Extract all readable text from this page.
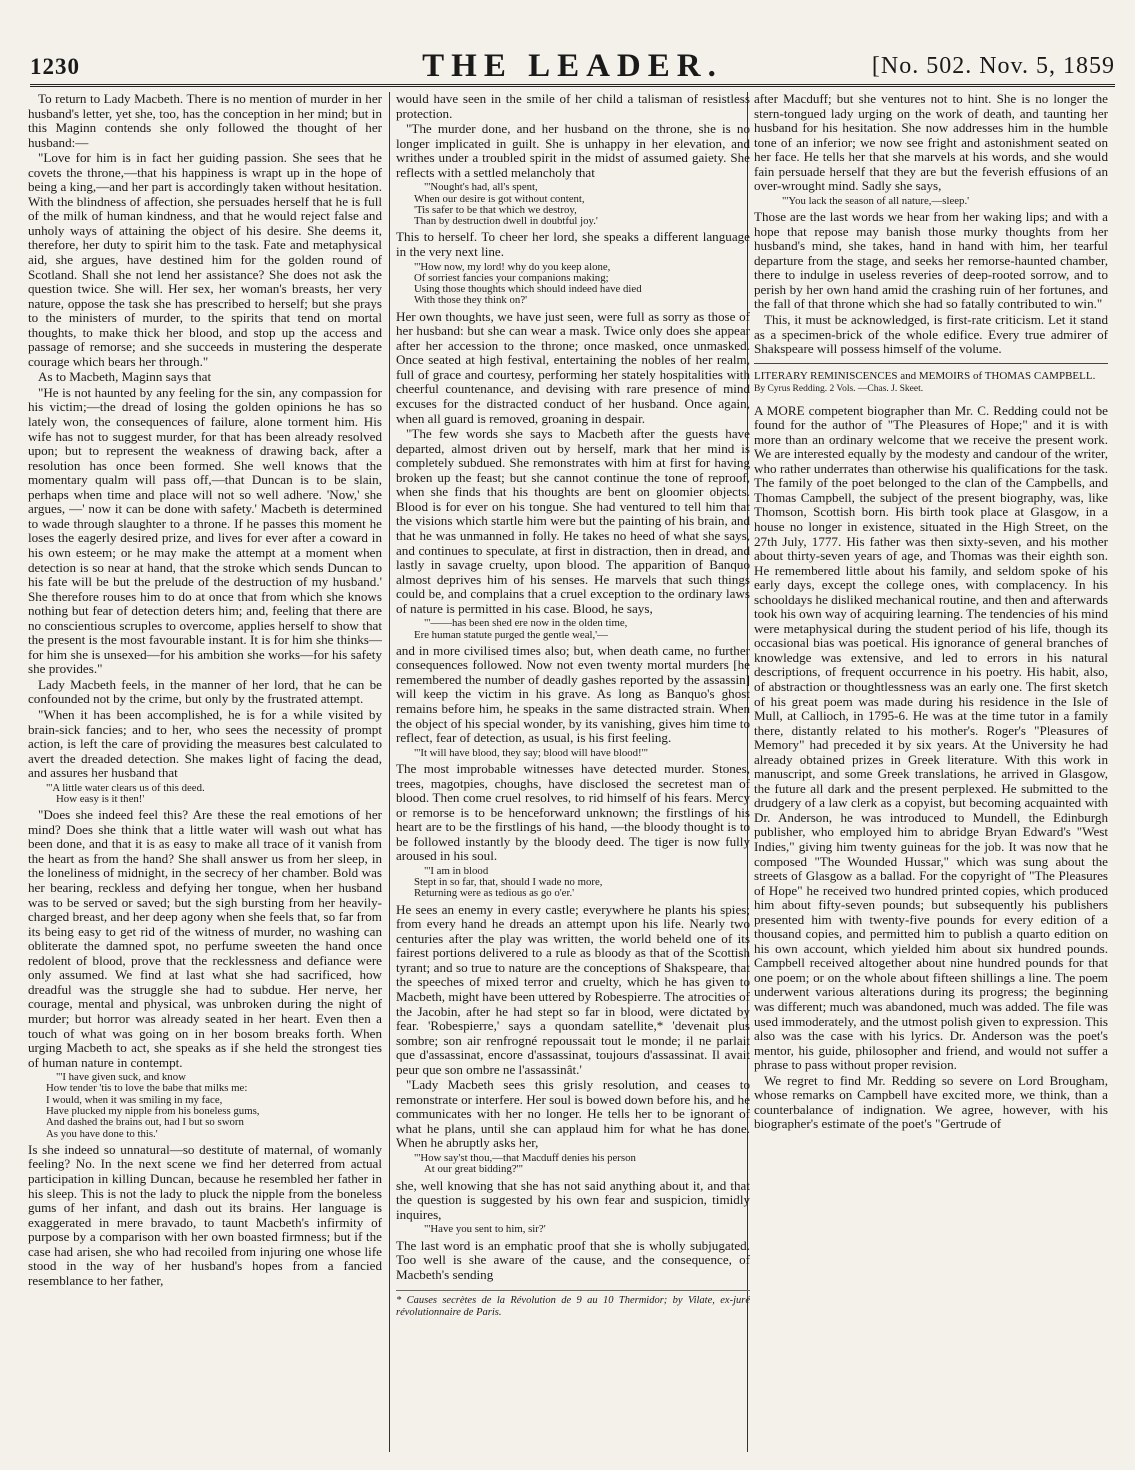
1230	THE LEADER.	[No. 502. Nov. 5, 1859

To return to Lady Macbeth. There is no mention of murder in her husband's letter, yet she, too, has the conception in her mind; but in this Maginn contends she only followed the thought of her husband:—

"Love for him is in fact her guiding passion. She sees that he covets the throne,—that his happiness is wrapt up in the hope of being a king,—and her part is accordingly taken without hesitation. With the blindness of affection, she persuades herself that he is full of the milk of human kindness, and that he would reject false and unholy ways of attaining the object of his desire. She deems it, therefore, her duty to spirit him to the task. Fate and metaphysical aid, she argues, have destined him for the golden round of Scotland. Shall she not lend her assistance? She does not ask the question twice. She will. Her sex, her woman's breasts, her very nature, oppose the task she has prescribed to herself; but she prays to the ministers of murder, to the spirits that tend on mortal thoughts, to make thick her blood, and stop up the access and passage of remorse; and she succeeds in mustering the desperate courage which bears her through."

As to Macbeth, Maginn says that

"He is not haunted by any feeling for the sin, any compassion for his victim;—the dread of losing the golden opinions he has so lately won, the consequences of failure, alone torment him. His wife has not to suggest murder, for that has been already resolved upon; but to represent the weakness of drawing back, after a resolution has once been formed. She well knows that the momentary qualm will pass off,—that Duncan is to be slain, perhaps when time and place will not so well adhere. 'Now,' she argues, —' now it can be done with safety.' Macbeth is determined to wade through slaughter to a throne. If he passes this moment he loses the eagerly desired prize, and lives for ever after a coward in his own esteem; or he may make the attempt at a moment when detection is so near at hand, that the stroke which sends Duncan to his fate will be but the prelude of the destruction of my husband.' She therefore rouses him to do at once that from which she knows nothing but fear of detection deters him; and, feeling that there are no conscientious scruples to overcome, applies herself to show that the present is the most favourable instant. It is for him she thinks—for him she is unsexed—for his ambition she works—for his safety she provides."

Lady Macbeth feels, in the manner of her lord, that he can be confounded not by the crime, but only by the frustrated attempt.

"When it has been accomplished, he is for a while visited by brain-sick fancies; and to her, who sees the necessity of prompt action, is left the care of providing the measures best calculated to avert the dreaded detection. She makes light of facing the dead, and assures her husband that

"'A little water clears us of this deed.
How easy is it then!'

"Does she indeed feel this? Are these the real emotions of her mind? Does she think that a little water will wash out what has been done, and that it is as easy to make all trace of it vanish from the heart as from the hand? She shall answer us from her sleep, in the loneliness of midnight, in the secrecy of her chamber. Bold was her bearing, reckless and defying her tongue, when her husband was to be served or saved; but the sigh bursting from her heavily-charged breast, and her deep agony when she feels that, so far from its being easy to get rid of the witness of murder, no washing can obliterate the damned spot, no perfume sweeten the hand once redolent of blood, prove that the recklessness and defiance were only assumed. We find at last what she had sacrificed, how dreadful was the struggle she had to subdue. Her nerve, her courage, mental and physical, was unbroken during the night of murder; but horror was already seated in her heart. Even then a touch of what was going on in her bosom breaks forth. When urging Macbeth to act, she speaks as if she held the strongest ties of human nature in contempt.

"'I have given suck, and know
How tender 'tis to love the babe that milks me:
I would, when it was smiling in my face,
Have plucked my nipple from his boneless gums,
And dashed the brains out, had I but so sworn
As you have done to this.'

Is she indeed so unnatural—so destitute of maternal, of womanly feeling? No. In the next scene we find her deterred from actual participation in killing Duncan, because he resembled her father in his sleep. This is not the lady to pluck the nipple from the boneless gums of her infant, and dash out its brains. Her language is exaggerated in mere bravado, to taunt Macbeth's infirmity of purpose by a comparison with her own boasted firmness; but if the case had arisen, she who had recoiled from injuring one whose life stood in the way of her husband's hopes from a fancied resemblance to her father,

would have seen in the smile of her child a talisman of resistless protection.

"The murder done, and her husband on the throne, she is no longer implicated in guilt. She is unhappy in her elevation, and writhes under a troubled spirit in the midst of assumed gaiety. She reflects with a settled melancholy that

"'Nought's had, all's spent,
When our desire is got without content,
'Tis safer to be that which we destroy,
Than by destruction dwell in doubtful joy.'

This to herself. To cheer her lord, she speaks a different language in the very next line.

"'How now, my lord! why do you keep alone,
Of sorriest fancies your companions making;
Using those thoughts which should indeed have died
With those they think on?'

Her own thoughts, we have just seen, were full as sorry as those of her husband: but she can wear a mask. Twice only does she appear after her accession to the throne; once masked, once unmasked. Once seated at high festival, entertaining the nobles of her realm, full of grace and courtesy, performing her stately hospitalities with cheerful countenance, and devising with rare presence of mind excuses for the distracted conduct of her husband. Once again, when all guard is removed, groaning in despair.

"The few words she says to Macbeth after the guests have departed, almost driven out by herself, mark that her mind is completely subdued. She remonstrates with him at first for having broken up the feast; but she cannot continue the tone of reproof, when she finds that his thoughts are bent on gloomier objects. Blood is for ever on his tongue. She had ventured to tell him that the visions which startle him were but the painting of his brain, and that he was unmanned in folly. He takes no heed of what she says, and continues to speculate, at first in distraction, then in dread, and lastly in savage cruelty, upon blood. The apparition of Banquo almost deprives him of his senses. He marvels that such things could be, and complains that a cruel exception to the ordinary laws of nature is permitted in his case. Blood, he says,

"'——has been shed ere now in the olden time,
Ere human statute purged the gentle weal,'—

and in more civilised times also; but, when death came, no further consequences followed. Now not even twenty mortal murders [he remembered the number of deadly gashes reported by the assassin] will keep the victim in his grave. As long as Banquo's ghost remains before him, he speaks in the same distracted strain. When the object of his special wonder, by its vanishing, gives him time to reflect, fear of detection, as usual, is his first feeling.

"'It will have blood, they say; blood will have blood!'"

The most improbable witnesses have detected murder. Stones, trees, magotpies, choughs, have disclosed the secretest man of blood. Then come cruel resolves, to rid himself of his fears. Mercy or remorse is to be henceforward unknown; the firstlings of his heart are to be the firstlings of his hand, —the bloody thought is to be followed instantly by the bloody deed. The tiger is now fully aroused in his soul.

"'I am in blood
Stept in so far, that, should I wade no more,
Returning were as tedious as go o'er.'

He sees an enemy in every castle; everywhere he plants his spies; from every hand he dreads an attempt upon his life. Nearly two centuries after the play was written, the world beheld one of its fairest portions delivered to a rule as bloody as that of the Scottish tyrant; and so true to nature are the conceptions of Shakspeare, that the speeches of mixed terror and cruelty, which he has given to Macbeth, might have been uttered by Robespierre. The atrocities of the Jacobin, after he had stept so far in blood, were dictated by fear. 'Robespierre,' says a quondam satellite,* 'devenait plus sombre; son air renfrogné repoussait tout le monde; il ne parlait que d'assassinat, encore d'assassinat, toujours d'assassinat. Il avait peur que son ombre ne l'assassinât.'

"Lady Macbeth sees this grisly resolution, and ceases to remonstrate or interfere. Her soul is bowed down before his, and he communicates with her no longer. He tells her to be ignorant of what he plans, until she can applaud him for what he has done. When he abruptly asks her,

"'How say'st thou,—that Macduff denies his person
At our great bidding?'"

she, well knowing that she has not said anything about it, and that the question is suggested by his own fear and suspicion, timidly inquires,

"'Have you sent to him, sir?'

The last word is an emphatic proof that she is wholly subjugated. Too well is she aware of the cause, and the consequence, of Macbeth's sending

* Causes secrètes de la Révolution de 9 au 10 Thermidor; by Vilate, ex-juré révolutionnaire de Paris.

after Macduff; but she ventures not to hint. She is no longer the stern-tongued lady urging on the work of death, and taunting her husband for his hesitation. She now addresses him in the humble tone of an inferior; we now see fright and astonishment seated on her face. He tells her that she marvels at his words, and she would fain persuade herself that they are but the feverish effusions of an over-wrought mind. Sadly she says,

"'You lack the season of all nature,—sleep.'

Those are the last words we hear from her waking lips; and with a hope that repose may banish those murky thoughts from her husband's mind, she takes, hand in hand with him, her tearful departure from the stage, and seeks her remorse-haunted chamber, there to indulge in useless reveries of deep-rooted sorrow, and to perish by her own hand amid the crashing ruin of her fortunes, and the fall of that throne which she had so fatally contributed to win."

This, it must be acknowledged, is first-rate criticism. Let it stand as a specimen-brick of the whole edifice. Every true admirer of Shakspeare will possess himself of the volume.

LITERARY REMINISCENCES and MEMOIRS of THOMAS CAMPBELL. By Cyrus Redding. 2 Vols. —Chas. J. Skeet.

A MORE competent biographer than Mr. C. Redding could not be found for the author of "The Pleasures of Hope;" and it is with more than an ordinary welcome that we receive the present work. We are interested equally by the modesty and candour of the writer, who rather underrates than otherwise his qualifications for the task. The family of the poet belonged to the clan of the Campbells, and Thomas Campbell, the subject of the present biography, was, like Thomson, Scottish born. His birth took place at Glasgow, in a house no longer in existence, situated in the High Street, on the 27th July, 1777. His father was then sixty-seven, and his mother about thirty-seven years of age, and Thomas was their eighth son. He remembered little about his family, and seldom spoke of his early days, except the college ones, with complacency. In his schooldays he disliked mechanical routine, and then and afterwards took his own way of acquiring learning. The tendencies of his mind were metaphysical during the student period of his life, though its occasional bias was poetical. His ignorance of general branches of knowledge was extensive, and led to errors in his natural descriptions, of frequent occurrence in his poetry. His habit, also, of abstraction or thoughtlessness was an early one. The first sketch of his great poem was made during his residence in the Isle of Mull, at Callioch, in 1795-6. He was at the time tutor in a family there, distantly related to his mother's. Roger's "Pleasures of Memory" had preceded it by six years. At the University he had already obtained prizes in Greek literature. With this work in manuscript, and some Greek translations, he arrived in Glasgow, the future all dark and the present perplexed. He submitted to the drudgery of a law clerk as a copyist, but becoming acquainted with Dr. Anderson, he was introduced to Mundell, the Edinburgh publisher, who employed him to abridge Bryan Edward's "West Indies," giving him twenty guineas for the job. It was now that he composed "The Wounded Hussar," which was sung about the streets of Glasgow as a ballad. For the copyright of "The Pleasures of Hope" he received two hundred printed copies, which produced him about fifty-seven pounds; but subsequently his publishers presented him with twenty-five pounds for every edition of a thousand copies, and permitted him to publish a quarto edition on his own account, which yielded him about six hundred pounds. Campbell received altogether about nine hundred pounds for that one poem; or on the whole about fifteen shillings a line. The poem underwent various alterations during its progress; the beginning was different; much was abandoned, much was added. The file was used immoderately, and the utmost polish given to expression. This also was the case with his lyrics. Dr. Anderson was the poet's mentor, his guide, philosopher and friend, and would not suffer a phrase to pass without proper revision.

We regret to find Mr. Redding so severe on Lord Brougham, whose remarks on Campbell have excited more, we think, than a counterbalance of indignation. We agree, however, with his biographer's estimate of the poet's "Gertrude of
